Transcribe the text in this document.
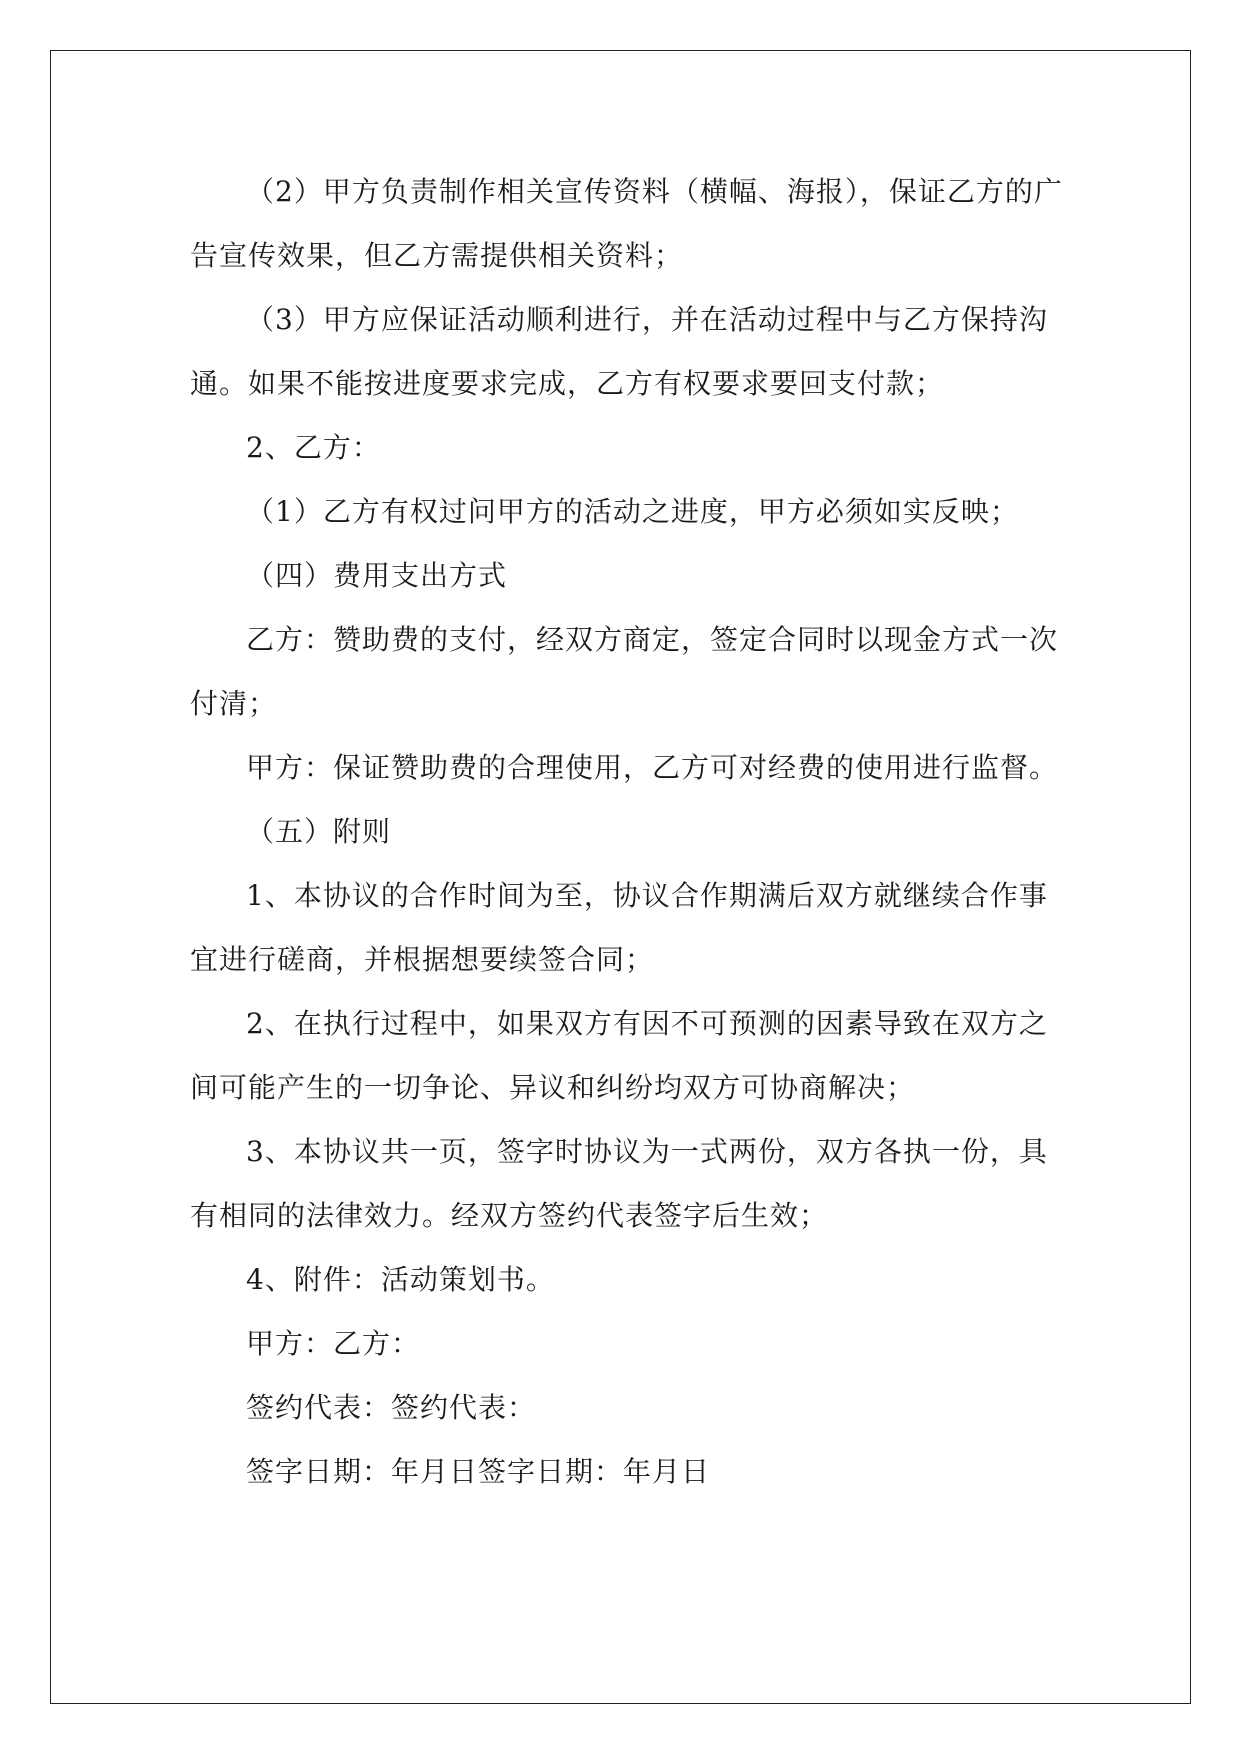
（2）甲方负责制作相关宣传资料（横幅、海报），保证乙方的广
告宣传效果，但乙方需提供相关资料；
（3）甲方应保证活动顺利进行，并在活动过程中与乙方保持沟
通。如果不能按进度要求完成，乙方有权要求要回支付款；
2、乙方：
（1）乙方有权过问甲方的活动之进度，甲方必须如实反映；
（四）费用支出方式
乙方：赞助费的支付，经双方商定，签定合同时以现金方式一次
付清；
甲方：保证赞助费的合理使用，乙方可对经费的使用进行监督。
（五）附则
1、本协议的合作时间为至，协议合作期满后双方就继续合作事
宜进行磋商，并根据想要续签合同；
2、在执行过程中，如果双方有因不可预测的因素导致在双方之
间可能产生的一切争论、异议和纠纷均双方可协商解决；
3、本协议共一页，签字时协议为一式两份，双方各执一份，具
有相同的法律效力。经双方签约代表签字后生效；
4、附件：活动策划书。
甲方：乙方：
签约代表：签约代表：
签字日期：年月日签字日期：年月日
